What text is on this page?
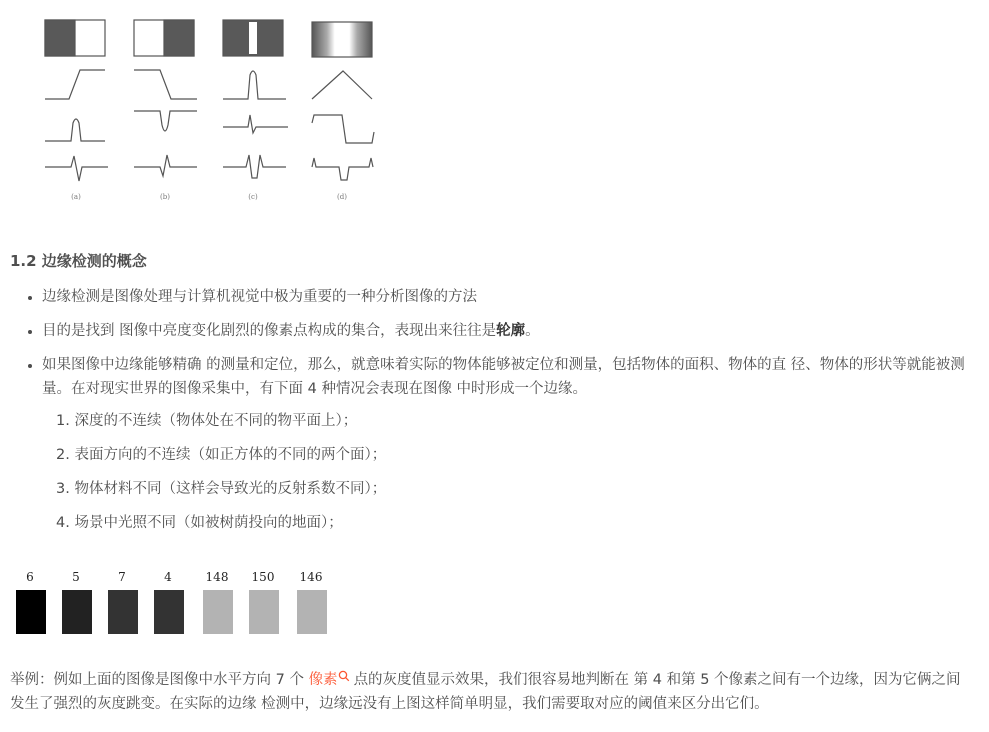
(a)	(b)	(c)	(d)
1.2 边缘检测的概念
• 边缘检测是图像处理与计算机视觉中极为重要的一种分析图像的方法
• 目的是找到 图像中亮度变化剧烈的像素点构成的集合，表现出来往往是轮廓。
• 如果图像中边缘能够精确 的测量和定位，那么，就意味着实际的物体能够被定位和测量，包括物体的面积、物体的直 径、物体的形状等就能被测量。在对现实世界的图像采集中，有下面 4 种情况会表现在图像 中时形成一个边缘。
1. 深度的不连续（物体处在不同的物平面上）；
2. 表面方向的不连续（如正方体的不同的两个面）；
3. 物体材料不同（这样会导致光的反射系数不同）；
4. 场景中光照不同（如被树荫投向的地面）；
6	5	7	4	148	150	146
举例：例如上面的图像是图像中水平方向 7 个 像素 点的灰度值显示效果，我们很容易地判断在 第 4 和第 5 个像素之间有一个边缘，因为它俩之间发生了强烈的灰度跳变。在实际的边缘 检测中，边缘远没有上图这样简单明显，我们需要取对应的阈值来区分出它们。
